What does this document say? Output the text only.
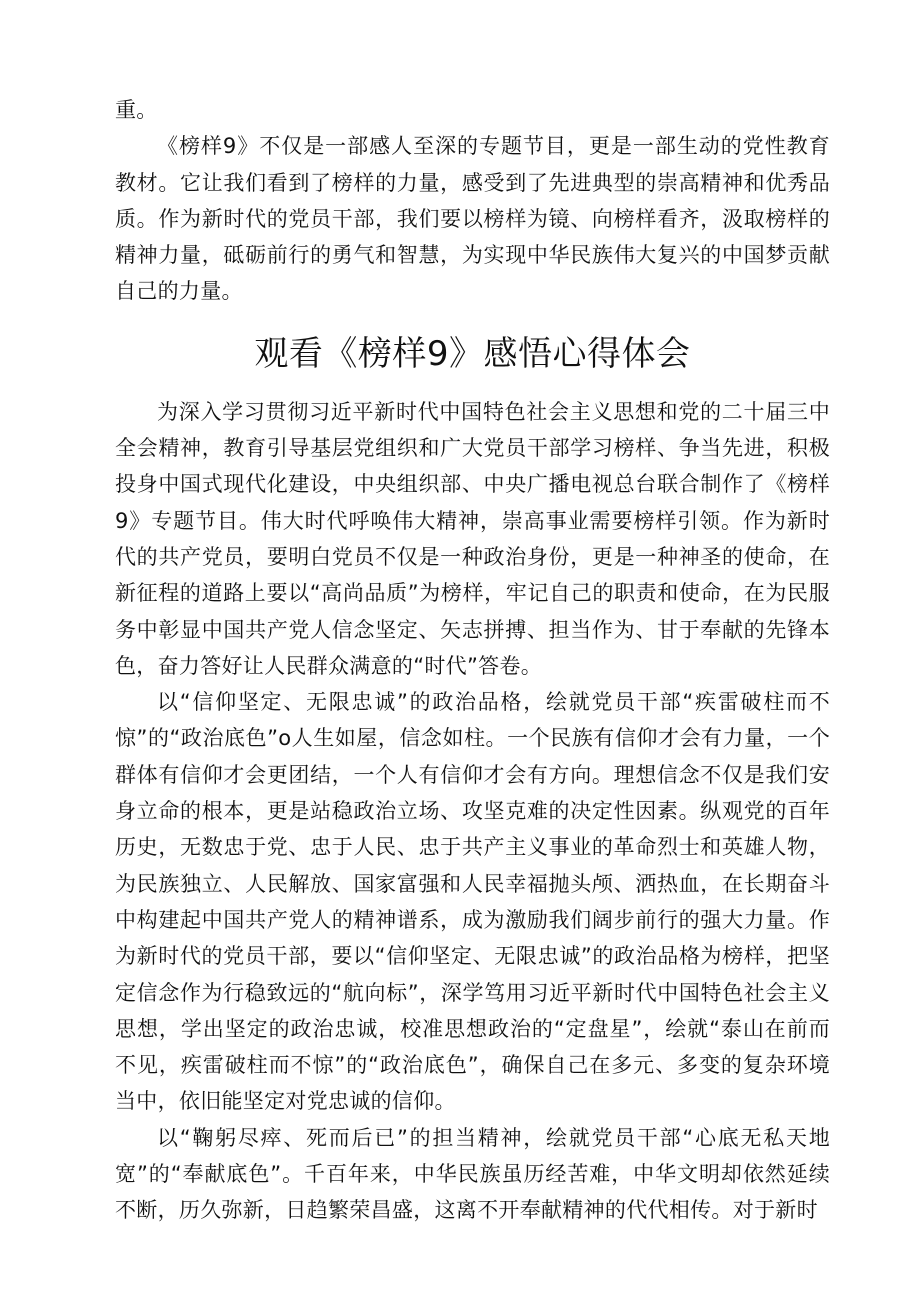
重。

《榜样9》不仅是一部感人至深的专题节目，更是一部生动的党性教育教材。它让我们看到了榜样的力量，感受到了先进典型的崇高精神和优秀品质。作为新时代的党员干部，我们要以榜样为镜、向榜样看齐，汲取榜样的精神力量，砥砺前行的勇气和智慧，为实现中华民族伟大复兴的中国梦贡献自己的力量。

观看《榜样9》感悟心得体会

为深入学习贯彻习近平新时代中国特色社会主义思想和党的二十届三中全会精神，教育引导基层党组织和广大党员干部学习榜样、争当先进，积极投身中国式现代化建设，中央组织部、中央广播电视总台联合制作了《榜样9》专题节目。伟大时代呼唤伟大精神，崇高事业需要榜样引领。作为新时代的共产党员，要明白党员不仅是一种政治身份，更是一种神圣的使命，在新征程的道路上要以“高尚品质”为榜样，牢记自己的职责和使命，在为民服务中彰显中国共产党人信念坚定、矢志拼搏、担当作为、甘于奉献的先锋本色，奋力答好让人民群众满意的“时代”答卷。

以“信仰坚定、无限忠诚”的政治品格，绘就党员干部“疾雷破柱而不惊”的“政治底色”o人生如屋，信念如柱。一个民族有信仰才会有力量，一个群体有信仰才会更团结，一个人有信仰才会有方向。理想信念不仅是我们安身立命的根本，更是站稳政治立场、攻坚克难的决定性因素。纵观党的百年历史，无数忠于党、忠于人民、忠于共产主义事业的革命烈士和英雄人物，为民族独立、人民解放、国家富强和人民幸福抛头颅、洒热血，在长期奋斗中构建起中国共产党人的精神谱系，成为激励我们阔步前行的强大力量。作为新时代的党员干部，要以“信仰坚定、无限忠诚”的政治品格为榜样，把坚定信念作为行稳致远的“航向标”，深学笃用习近平新时代中国特色社会主义思想，学出坚定的政治忠诚，校准思想政治的“定盘星”，绘就“泰山在前而不见，疾雷破柱而不惊”的“政治底色”，确保自己在多元、多变的复杂环境当中，依旧能坚定对党忠诚的信仰。

以“鞠躬尽瘁、死而后已”的担当精神，绘就党员干部“心底无私天地宽”的“奉献底色”。千百年来，中华民族虽历经苦难，中华文明却依然延续不断，历久弥新，日趋繁荣昌盛，这离不开奉献精神的代代相传。对于新时
